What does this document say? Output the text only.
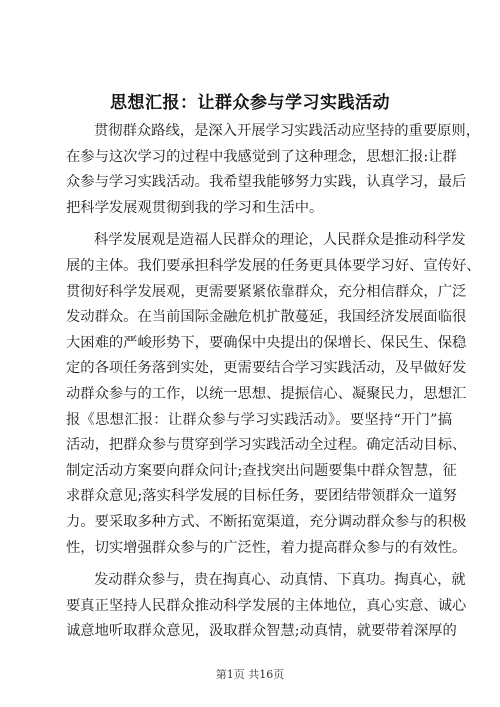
思想汇报：让群众参与学习实践活动
贯彻群众路线，是深入开展学习实践活动应坚持的重要原则，
在参与这次学习的过程中我感觉到了这种理念，思想汇报:让群
众参与学习实践活动。我希望我能够努力实践，认真学习，最后
把科学发展观贯彻到我的学习和生活中。
科学发展观是造福人民群众的理论，人民群众是推动科学发
展的主体。我们要承担科学发展的任务更具体要学习好、宣传好、
贯彻好科学发展观，更需要紧紧依靠群众，充分相信群众，广泛
发动群众。在当前国际金融危机扩散蔓延，我国经济发展面临很
大困难的严峻形势下，要确保中央提出的保增长、保民生、保稳
定的各项任务落到实处，更需要结合学习实践活动，及早做好发
动群众参与的工作，以统一思想、提振信心、凝聚民力，思想汇
报《思想汇报：让群众参与学习实践活动》。要坚持“开门”搞
活动，把群众参与贯穿到学习实践活动全过程。确定活动目标、
制定活动方案要向群众问计;查找突出问题要集中群众智慧，征
求群众意见;落实科学发展的目标任务，要团结带领群众一道努
力。要采取多种方式、不断拓宽渠道，充分调动群众参与的积极
性，切实增强群众参与的广泛性，着力提高群众参与的有效性。
发动群众参与，贵在掏真心、动真情、下真功。掏真心，就
要真正坚持人民群众推动科学发展的主体地位，真心实意、诚心
诚意地听取群众意见，汲取群众智慧;动真情，就要带着深厚的
第1页 共16页
